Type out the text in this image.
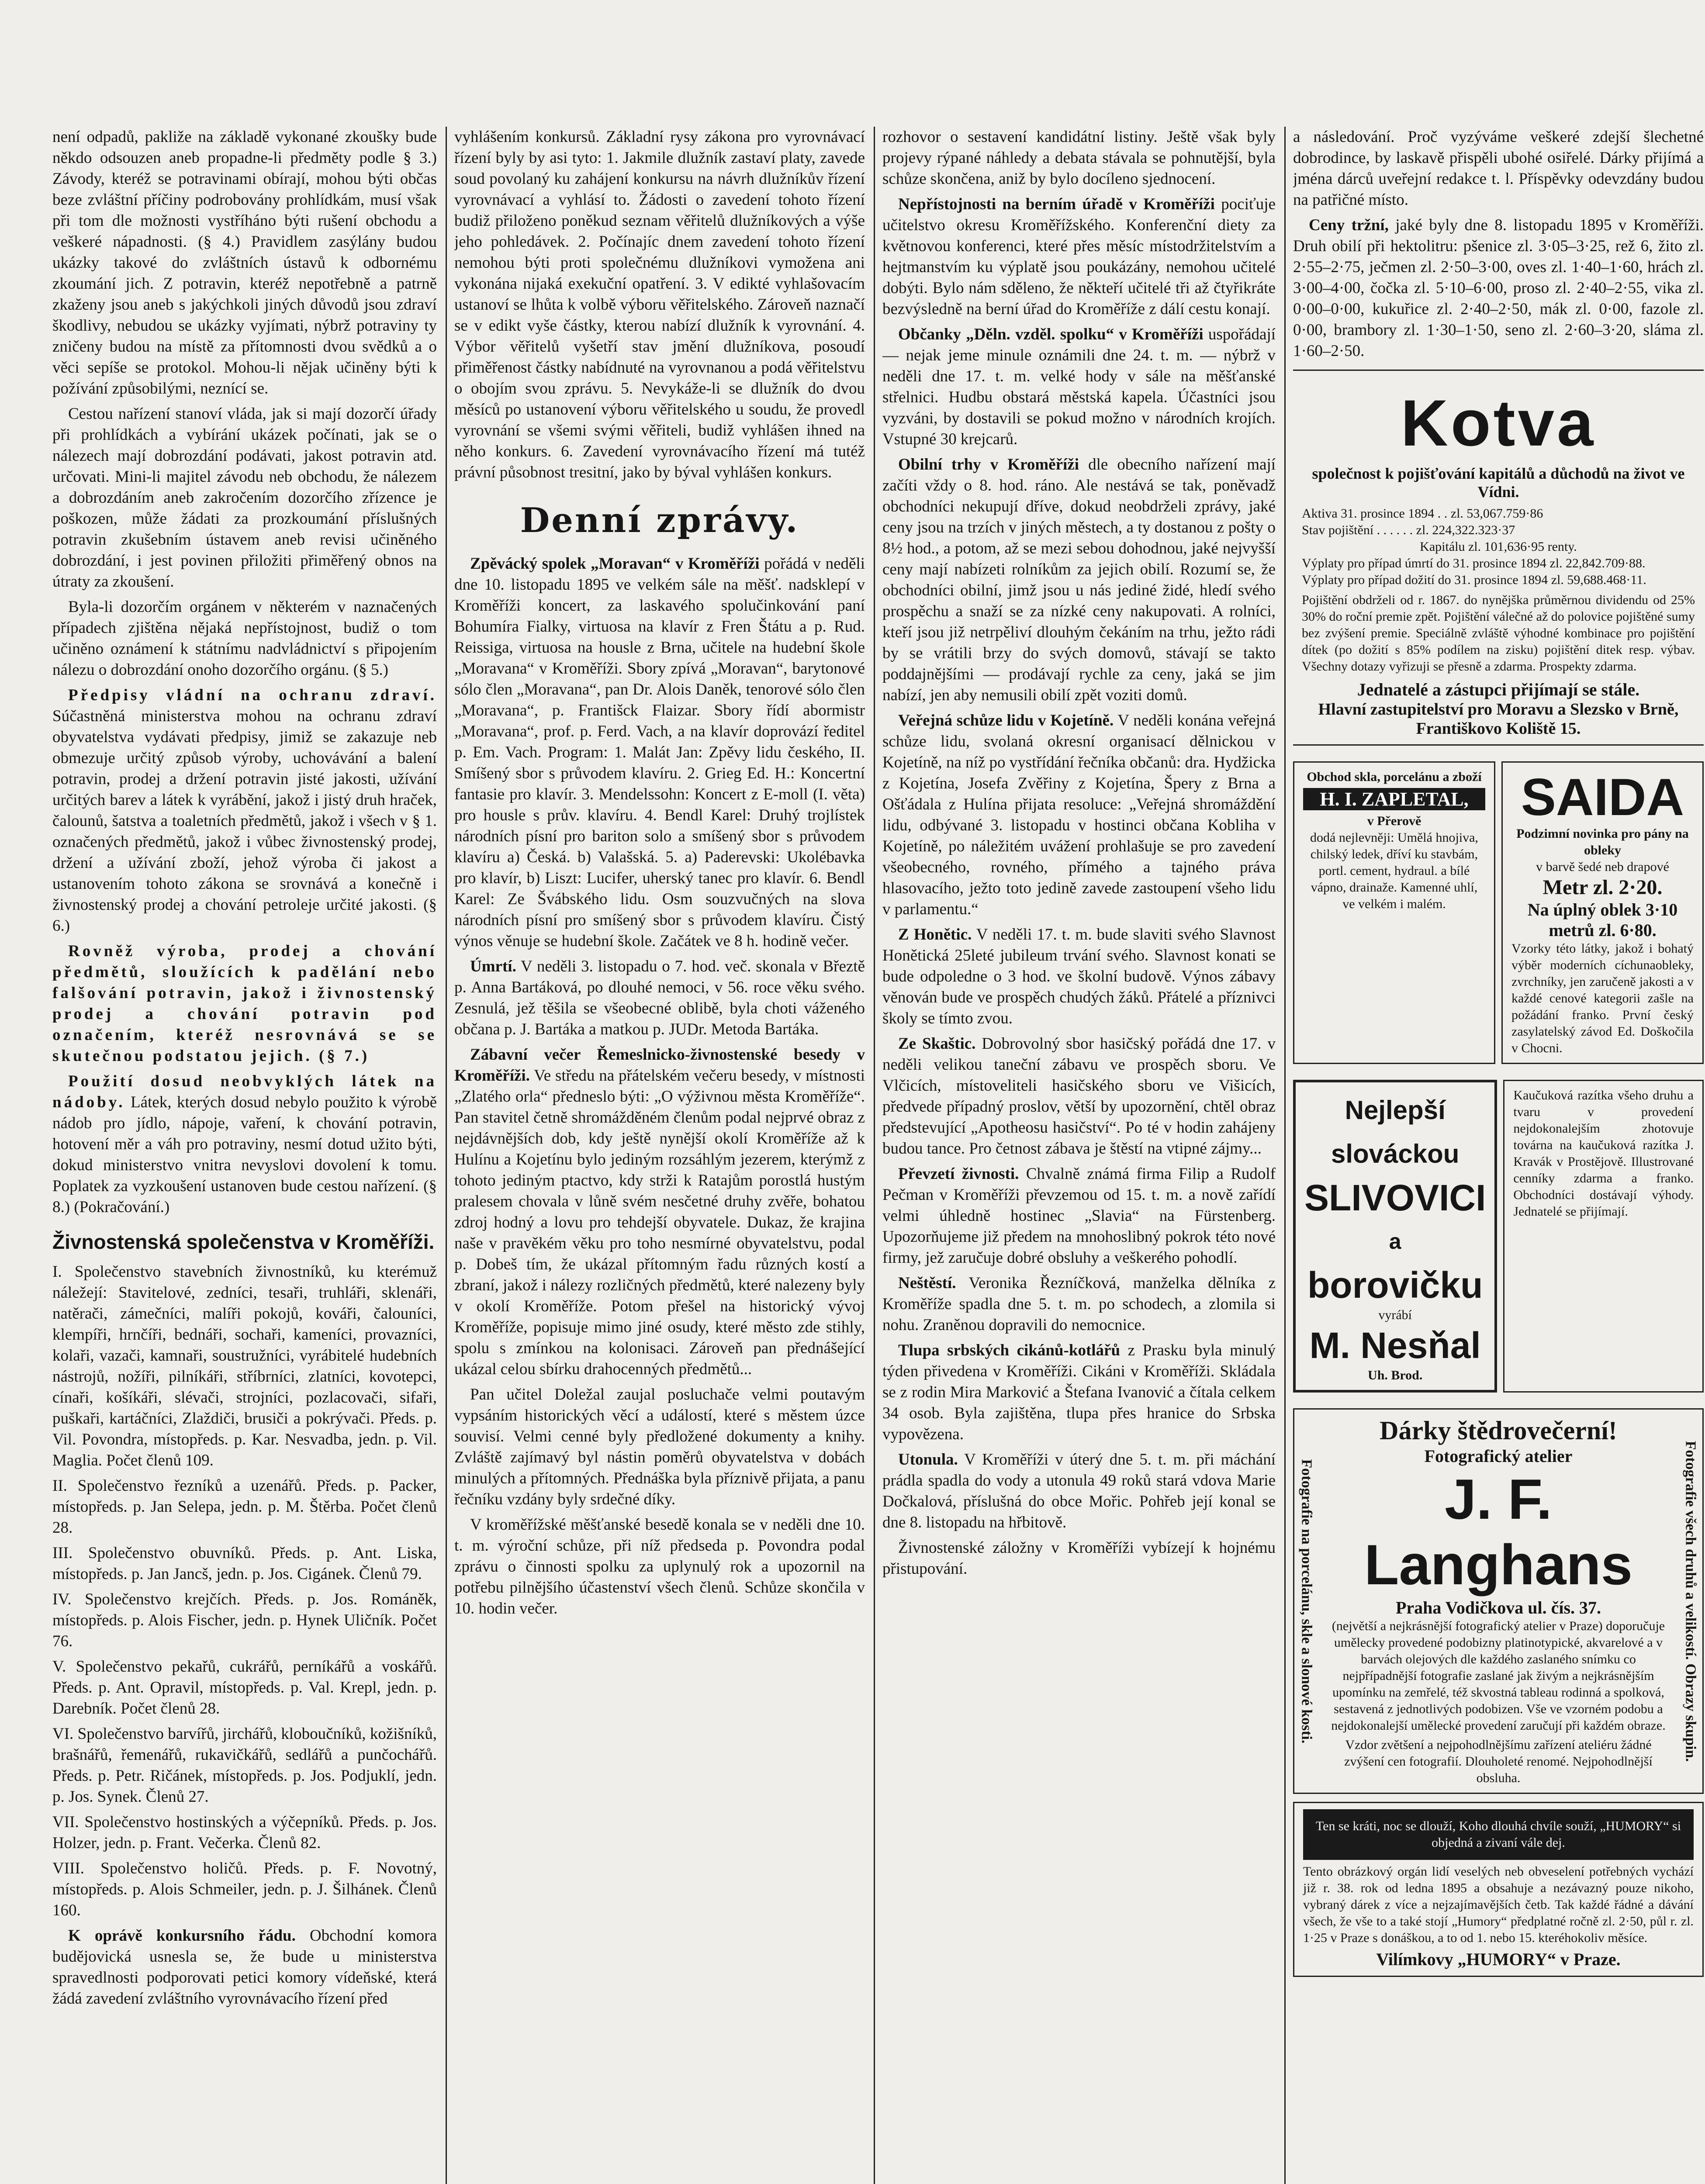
není odpadů, pakliže na základě vykonané zkoušky bude někdo odsouzen aneb propadne-li předměty podle § 3.) Závody, kteréž se potravinami obírají, mohou býti občas beze zvláštní příčiny podrobovány prohlídkám, musí však při tom dle možnosti vystříháno býti rušení obchodu a veškeré nápadnosti. (§ 4.) Pravidlem zasýlány budou ukázky takové do zvláštních ústavů k odbornému zkoumání jich. Z potravin, kteréž nepotřebně a patrně zkaženy jsou aneb s jakýchkoli jiných důvodů jsou zdraví škodlivy, nebudou se ukázky vyjímati, nýbrž potraviny ty zničeny budou na místě za přítomnosti dvou svědků a o věci sepíše se protokol. Mohou-li nějak učiněny býti k požívání způsobilými, neznící se.

Cestou nařízení stanoví vláda, jak si mají dozorčí úřady při prohlídkách a vybírání ukázek počínati, jak se o nálezech mají dobrozdání podávati, jakost potravin atd. určovati. Mini-li majitel závodu neb obchodu, že nálezem a dobrozdáním aneb zakročením dozorčího zřízence je poškozen, může žádati za prozkoumání příslušných potravin zkušebním ústavem aneb revisi učiněného dobrozdání, i jest povinen přiložiti přiměřený obnos na útraty za zkoušení.

Byla-li dozorčím orgánem v některém v naznačených případech zjištěna nějaká nepřístojnost, budiž o tom učiněno oznámení k státnímu nadvládnictví s připojením nálezu o dobrozdání onoho dozorčího orgánu. (§ 5.)

Předpisy vládní na ochranu zdraví. Súčastněná ministerstva mohou na ochranu zdraví obyvatelstva vydávati předpisy, jimiž se zakazuje neb obmezuje určitý způsob výroby, uchovávání a balení potravin, prodej a držení potravin jisté jakosti, užívání určitých barev a látek k vyrábění, jakož i jistý druh hraček, čalounů, šatstva a toaletních předmětů, jakož i všech v § 1. označených předmětů, jakož i vůbec živnostenský prodej, držení a užívání zboží, jehož výroba či jakost a ustanovením tohoto zákona se srovnává a konečně i živnostenský prodej a chování petroleje určité jakosti. (§ 6.)

Rovněž výroba, prodej a chování předmětů, sloužících k padělání nebo falšování potravin, jakož i živnostenský prodej a chování potravin pod označením, kteréž nesrovnává se se skutečnou podstatou jejich. (§ 7.)

Použití dosud neobvyklých látek na nádoby. Látek, kterých dosud nebylo použito k výrobě nádob pro jídlo, nápoje, vaření, k chování potravin, hotovení měr a váh pro potraviny, nesmí dotud užito býti, dokud ministerstvo vnitra nevyslovi dovolení k tomu. Poplatek za vyzkoušení ustanoven bude cestou nařízení. (§ 8.) (Pokračování.)

Živnostenská společenstva v Kroměříži.

I. Společenstvo stavebních živnostníků, ku kterémuž náležejí: Stavitelové, zedníci, tesaři, truhláři, sklenáři, natěrači, zámečníci, malíři pokojů, kováři, čalouníci, klempíři, hrnčíři, bednáři, sochaři, kameníci, provazníci, kolaři, vazači, kamnaři, soustružníci, vyrábitelé hudebních nástrojů, nožíři, pilníkáři, stříbrníci, zlatníci, kovotepci, cínaři, košíkáři, slévači, strojníci, pozlacovači, sifaři, puškaři, kartáčníci, Zlaždiči, brusiči a pokrývači. Předs. p. Vil. Povondra, místopředs. p. Kar. Nesvadba, jedn. p. Vil. Maglia. Počet členů 109.

II. Společenstvo řezníků a uzenářů. Předs. p. Packer, místopředs. p. Jan Selepa, jedn. p. M. Štěrba. Počet členů 28.

III. Společenstvo obuvníků. Předs. p. Ant. Liska, místopředs. p. Jan Jancš, jedn. p. Jos. Cigánek. Členů 79.

IV. Společenstvo krejčích. Předs. p. Jos. Románěk, místopředs. p. Alois Fischer, jedn. p. Hynek Uličník. Počet 76.

V. Společenstvo pekařů, cukrářů, perníkářů a voskářů. Předs. p. Ant. Opravil, místopředs. p. Val. Krepl, jedn. p. Darebník. Počet členů 28.

VI. Společenstvo barvířů, jirchářů, kloboučníků, kožišníků, brašnářů, řemenářů, rukavičkářů, sedlářů a punčochářů. Předs. p. Petr. Ričánek, místopředs. p. Jos. Podjuklí, jedn. p. Jos. Synek. Členů 27.

VII. Společenstvo hostinských a výčepníků. Předs. p. Jos. Holzer, jedn. p. Frant. Večerka. Členů 82.

VIII. Společenstvo holičů. Předs. p. F. Novotný, místopředs. p. Alois Schmeiler, jedn. p. J. Šilhánek. Členů 160.

K oprávě konkursního řádu. Obchodní komora budějovická usnesla se, že bude u ministerstva spravedlnosti podporovati petici komory vídeňské, která žádá zavedení zvláštního vyrovnávacího řízení před

vyhlášením konkursů. Základní rysy zákona pro vyrovnávací řízení byly by asi tyto: 1. Jakmile dlužník zastaví platy, zavede soud povolaný ku zahájení konkursu na návrh dlužníkův řízení vyrovnávací a vyhlásí to. Žádosti o zavedení tohoto řízení budiž přiloženo poněkud seznam věřitelů dlužníkových a výše jeho pohledávek. 2. Počínajíc dnem zavedení tohoto řízení nemohou býti proti společnému dlužníkovi vymožena ani vykonána nijaká exekuční opatření. 3. V edikté vyhlašovacím ustanoví se lhůta k volbě výboru věřitelského. Zároveň naznačí se v edikt vyše částky, kterou nabízí dlužník k vyrovnání. 4. Výbor věřitelů vyšetří stav jmění dlužníkova, posoudí přiměřenost částky nabídnuté na vyrovnanou a podá věřitelstvu o obojím svou zprávu. 5. Nevykáže-li se dlužník do dvou měsíců po ustanovení výboru věřitelského u soudu, že provedl vyrovnání se všemi svými věřiteli, budiž vyhlášen ihned na něho konkurs. 6. Zavedení vyrovnávacího řízení má tutéž právní působnost tresitní, jako by býval vyhlášen konkurs.

Denní zprávy.

Zpěvácký spolek „Moravan“ v Kroměříži pořádá v neděli dne 10. listopadu 1895 ve velkém sále na měšť. nadsklepí v Kroměříži koncert, za laskavého spolučinkování paní Bohumíra Fialky, virtuosa na klavír z Fren Štátu a p. Rud. Reissiga, virtuosa na housle z Brna, učitele na hudební škole „Moravana“ v Kroměříži. Sbory zpívá „Moravan“, barytonové sólo člen „Moravana“, pan Dr. Alois Daněk, tenorové sólo člen „Moravana“, p. Františck Flaizar. Sbory řídí abormistr „Moravana“, prof. p. Ferd. Vach, a na klavír doprovází ředitel p. Em. Vach. Program: 1. Malát Jan: Zpěvy lidu českého, II. Smíšený sbor s průvodem klavíru. 2. Grieg Ed. H.: Koncertní fantasie pro klavír. 3. Mendelssohn: Koncert z E-moll (I. věta) pro housle s prův. klavíru. 4. Bendl Karel: Druhý trojlístek národních písní pro bariton solo a smíšený sbor s průvodem klavíru a) Česká. b) Valašská. 5. a) Paderevski: Ukolébavka pro klavír, b) Liszt: Lucifer, uherský tanec pro klavír. 6. Bendl Karel: Ze Švábského lidu. Osm souzvučných na slova národních písní pro smíšený sbor s průvodem klavíru. Čistý výnos věnuje se hudební škole. Začátek ve 8 h. hodině večer.

Úmrtí. V neděli 3. listopadu o 7. hod. več. skonala v Březtě p. Anna Bartáková, po dlouhé nemoci, v 56. roce věku svého. Zesnulá, jež těšila se všeobecné oblibě, byla choti váženého občana p. J. Bartáka a matkou p. JUDr. Metoda Bartáka.

Zábavní večer Řemeslnicko-živnostenské besedy v Kroměříži. Ve středu na přátelském večeru besedy, v místnosti „Zlatého orla“ předneslo býti: „O výživnou města Kroměříže“. Pan stavitel četně shromážděném členům podal nejprvé obraz z nejdávnějších dob, kdy ještě nynější okolí Kroměříže až k Hulínu a Kojetínu bylo jediným rozsáhlým jezerem, kterýmž z tohoto jediným ptactvo, kdy strži k Ratajům porostlá hustým pralesem chovala v lůně svém nesčetné druhy zvěře, bohatou zdroj hodný a lovu pro tehdejší obyvatele. Dukaz, že krajina naše v pravěkém věku pro toho nesmírné obyvatelstvu, podal p. Dobeš tím, že ukázal přítomným řadu různých kostí a zbraní, jakož i nálezy rozličných předmětů, které nalezeny byly v okolí Kroměříže. Potom přešel na historický vývoj Kroměříže, popisuje mimo jiné osudy, které město zde stihly, spolu s zmínkou na kolonisaci. Zároveň pan přednášející ukázal celou sbírku drahocenných předmětů...

Pan učitel Doležal zaujal posluchače velmi poutavým vypsáním historických věcí a událostí, které s městem úzce souvisí. Velmi cenné byly předložené dokumenty a knihy. Zvláště zajímavý byl nástin poměrů obyvatelstva v dobách minulých a přítomných. Přednáška byla příznivě přijata, a panu řečníku vzdány byly srdečné díky.

V kroměřížské měšťanské besedě konala se v neděli dne 10. t. m. výroční schůze, při níž předseda p. Povondra podal zprávu o činnosti spolku za uplynulý rok a upozornil na potřebu pilnějšího účastenství všech členů. Schůze skončila v 10. hodin večer.

rozhovor o sestavení kandidátní listiny. Ještě však byly projevy rýpané náhledy a debata stávala se pohnutější, byla schůze skončena, aniž by bylo docíleno sjednocení.

Nepřístojnosti na berním úřadě v Kroměříži pociťuje učitelstvo okresu Kroměřížského. Konferenční diety za květnovou konferenci, které přes měsíc místodržitelstvím a hejtmanstvím ku výplatě jsou poukázány, nemohou učitelé dobýti. Bylo nám sděleno, že někteří učitelé tři až čtyřikráte bezvýsledně na berní úřad do Kroměříže z dálí cestu konají.

Občanky „Děln. vzděl. spolku“ v Kroměříži uspořádají — nejak jeme minule oznámili dne 24. t. m. — nýbrž v neděli dne 17. t. m. velké hody v sále na měšťanské střelnici. Hudbu obstará městská kapela. Účastníci jsou vyzváni, by dostavili se pokud možno v národních krojích. Vstupné 30 krejcarů.

Obilní trhy v Kroměříži dle obecního nařízení mají začíti vždy o 8. hod. ráno. Ale nestává se tak, poněvadž obchodníci nekupují dříve, dokud neobdrželi zprávy, jaké ceny jsou na trzích v jiných městech, a ty dostanou z pošty o 8½ hod., a potom, až se mezi sebou dohodnou, jaké nejvyšší ceny mají nabízeti rolníkům za jejich obilí. Rozumí se, že obchodníci obilní, jimž jsou u nás jediné židé, hledí svého prospěchu a snaží se za nízké ceny nakupovati. A rolníci, kteří jsou již netrpěliví dlouhým čekáním na trhu, ježto rádi by se vrátili brzy do svých domovů, stávají se takto poddajnějšími — prodávají rychle za ceny, jaká se jim nabízí, jen aby nemusili obilí zpět voziti domů.

Veřejná schůze lidu v Kojetíně. V neděli konána veřejná schůze lidu, svolaná okresní organisací dělnickou v Kojetíně, na níž po vystřídání řečníka občanů: dra. Hydžicka z Kojetína, Josefa Zvěřiny z Kojetína, Špery z Brna a Ošťádala z Hulína přijata resoluce: „Veřejná shromáždění lidu, odbývané 3. listopadu v hostinci občana Kobliha v Kojetíně, po náležitém uvážení prohlašuje se pro zavedení všeobecného, rovného, přímého a tajného práva hlasovacího, ježto toto jedině zavede zastoupení všeho lidu v parlamentu.“

Z Honětic. V neděli 17. t. m. bude slaviti svého Slavnost Honětická 25leté jubileum trvání svého. Slavnost konati se bude odpoledne o 3 hod. ve školní budově. Výnos zábavy věnován bude ve prospěch chudých žáků. Přátelé a příznivci školy se tímto zvou.

Ze Skaštic. Dobrovolný sbor hasičský pořádá dne 17. v neděli velikou taneční zábavu ve prospěch sboru. Ve Vlčicích, místoveliteli hasičského sboru ve Višicích, předvede případný proslov, větší by upozornění, chtěl obraz předstevující „Apotheosu hasičství“. Po té v hodin zahájeny budou tance. Pro četnost zábava je štěstí na vtipné zájmy...

Převzetí živnosti. Chvalně známá firma Filip a Rudolf Pečman v Kroměříži převzemou od 15. t. m. a nově zařídí velmi úhledně hostinec „Slavia“ na Fürstenberg. Upozorňujeme již předem na mnohoslibný pokrok této nové firmy, jež zaručuje dobré obsluhy a veškerého pohodlí.

Neštěstí. Veronika Řezníčková, manželka dělníka z Kroměříže spadla dne 5. t. m. po schodech, a zlomila si nohu. Zraněnou dopravili do nemocnice.

Tlupa srbských cikánů-kotlářů z Prasku byla minulý týden přivedena v Kroměříži. Cikáni v Kroměříži. Skládala se z rodin Mira Marković a Štefana Ivanović a čítala celkem 34 osob. Byla zajištěna, tlupa přes hranice do Srbska vypovězena.

Utonula. V Kroměříži v úterý dne 5. t. m. při máchání prádla spadla do vody a utonula 49 roků stará vdova Marie Dočkalová, příslušná do obce Mořic. Pohřeb její konal se dne 8. listopadu na hřbitově.

Živnostenské záložny v Kroměříži vybízejí k hojnému přistupování.

a následování. Proč vyzýváme veškeré zdejší šlechetné dobrodince, by laskavě přispěli ubohé osiřelé. Dárky přijímá a jména dárců uveřejní redakce t. l. Příspěvky odevzdány budou na patřičné místo.

Ceny tržní, jaké byly dne 8. listopadu 1895 v Kroměříži. Druh obilí při hektolitru: pšenice zl. 3·05–3·25, rež 6, žito zl. 2·55–2·75, ječmen zl. 2·50–3·00, oves zl. 1·40–1·60, hrách zl. 3·00–4·00, čočka zl. 5·10–6·00, proso zl. 2·40–2·55, vika zl. 0·00–0·00, kukuřice zl. 2·40–2·50, mák zl. 0·00, fazole zl. 0·00, brambory zl. 1·30–1·50, seno zl. 2·60–3·20, sláma zl. 1·60–2·50.

Kotva
společnost k pojišťování kapitálů a důchodů na život ve Vídni.
Aktiva 31. prosince 1894 . . zl. 53,067.759·86
Stav pojištění . . . . . . zl. 224,322.323·37
Kapitálu zl. 101,636·95 renty.
Výplaty pro případ úmrtí do 31. prosince 1894 zl. 22,842.709·88.
Výplaty pro případ dožití do 31. prosince 1894 zl. 59,688.468·11.
Pojištění obdrželi od r. 1867. do nynějška průměrnou dividendu od 25% 30% do roční premie zpět. Pojištění válečné až do polovice pojištěné sumy bez zvýšení premie. Speciálně zvláště výhodné kombinace pro pojištění dítek (po dožití s 85% podílem na zisku) pojištění ditek resp. výbav. Všechny dotazy vyřizuji se přesně a zdarma. Prospekty zdarma.
Jednatelé a zástupci přijímají se stále.
Hlavní zastupitelství pro Moravu a Slezsko v Brně, Františkovo Koliště 15.
Obchod skla, porcelánu a zboží
H. I. ZAPLETAL,
v Přerově
dodá nejlevněji: Umělá hnojiva, chilský ledek, dříví ku stavbám, portl. cement, hydraul. a bílé vápno, drainaže. Kamenné uhlí, ve velkém i malém.
SAIDA
Podzimní novinka pro pány na obleky
v barvě šedé neb drapové
Metr zl. 2·20.
Na úplný oblek 3·10 metrů zl. 6·80.
Vzorky této látky, jakož i bohatý výběr moderních cíchunaobleky, zvrchníky, jen zaručeně jakosti a v každé cenové kategorii zašle na požádání franko. První český zasylatelský závod Ed. Doškočila v Chocni.
Nejlepší
slováckou
SLIVOVICI
a
borovičku
vyrábí
M. Nesňal
Uh. Brod.
Kaučuková razítka všeho druhu a tvaru v provedení nejdokonalejším zhotovuje továrna na kaučuková razítka J. Kravák v Prostějově. Illustrované cenníky zdarma a franko. Obchodníci dostávají výhody. Jednatelé se přijímají.
Fotografie na porcelánu, skle a slonové kosti.	Fotografie všech druhů a velikostí. Obrazy skupin.
Dárky štědrovečerní!
Fotografický atelier
J. F. Langhans
Praha Vodičkova ul. čís. 37.
(největší a nejkrásnější fotografický atelier v Praze) doporučuje umělecky provedené podobizny platinotypické, akvarelové a v barvách olejových dle každého zaslaného snímku co nejpřípadnější fotografie zaslané jak živým a nejkrásnějším upomínku na zemřelé, též skvostná tableau rodinná a spolková, sestavená z jednotlivých podobizen. Vše ve vzorném podobu a nejdokonalejší umělecké provedení zaručují při každém obraze.
Vzdor zvětšení a nejpohodlnějšímu zařízení ateliéru žádné zvýšení cen fotografií. Dlouholeté renomé. Nejpohodlnější obsluha.
Ten se kráti, noc se dlouží, Koho dlouhá chvíle souží, „HUMORY“ si objedná a zivaní vále dej.
Tento obrázkový orgán lidí veselých neb obveselení potřebných vychází již r. 38. rok od ledna 1895 a obsahuje a nezávazný pouze nikoho, vybraný dárek z více a nejzajímavějších četb. Tak každé řádné a dávání všech, že vše to a také stojí „Humory“ předplatné ročně zl. 2·50, půl r. zl. 1·25 v Praze s donáškou, a to od 1. nebo 15. kteréhokoliv měsíce.
Vilímkovy „HUMORY“ v Praze.
